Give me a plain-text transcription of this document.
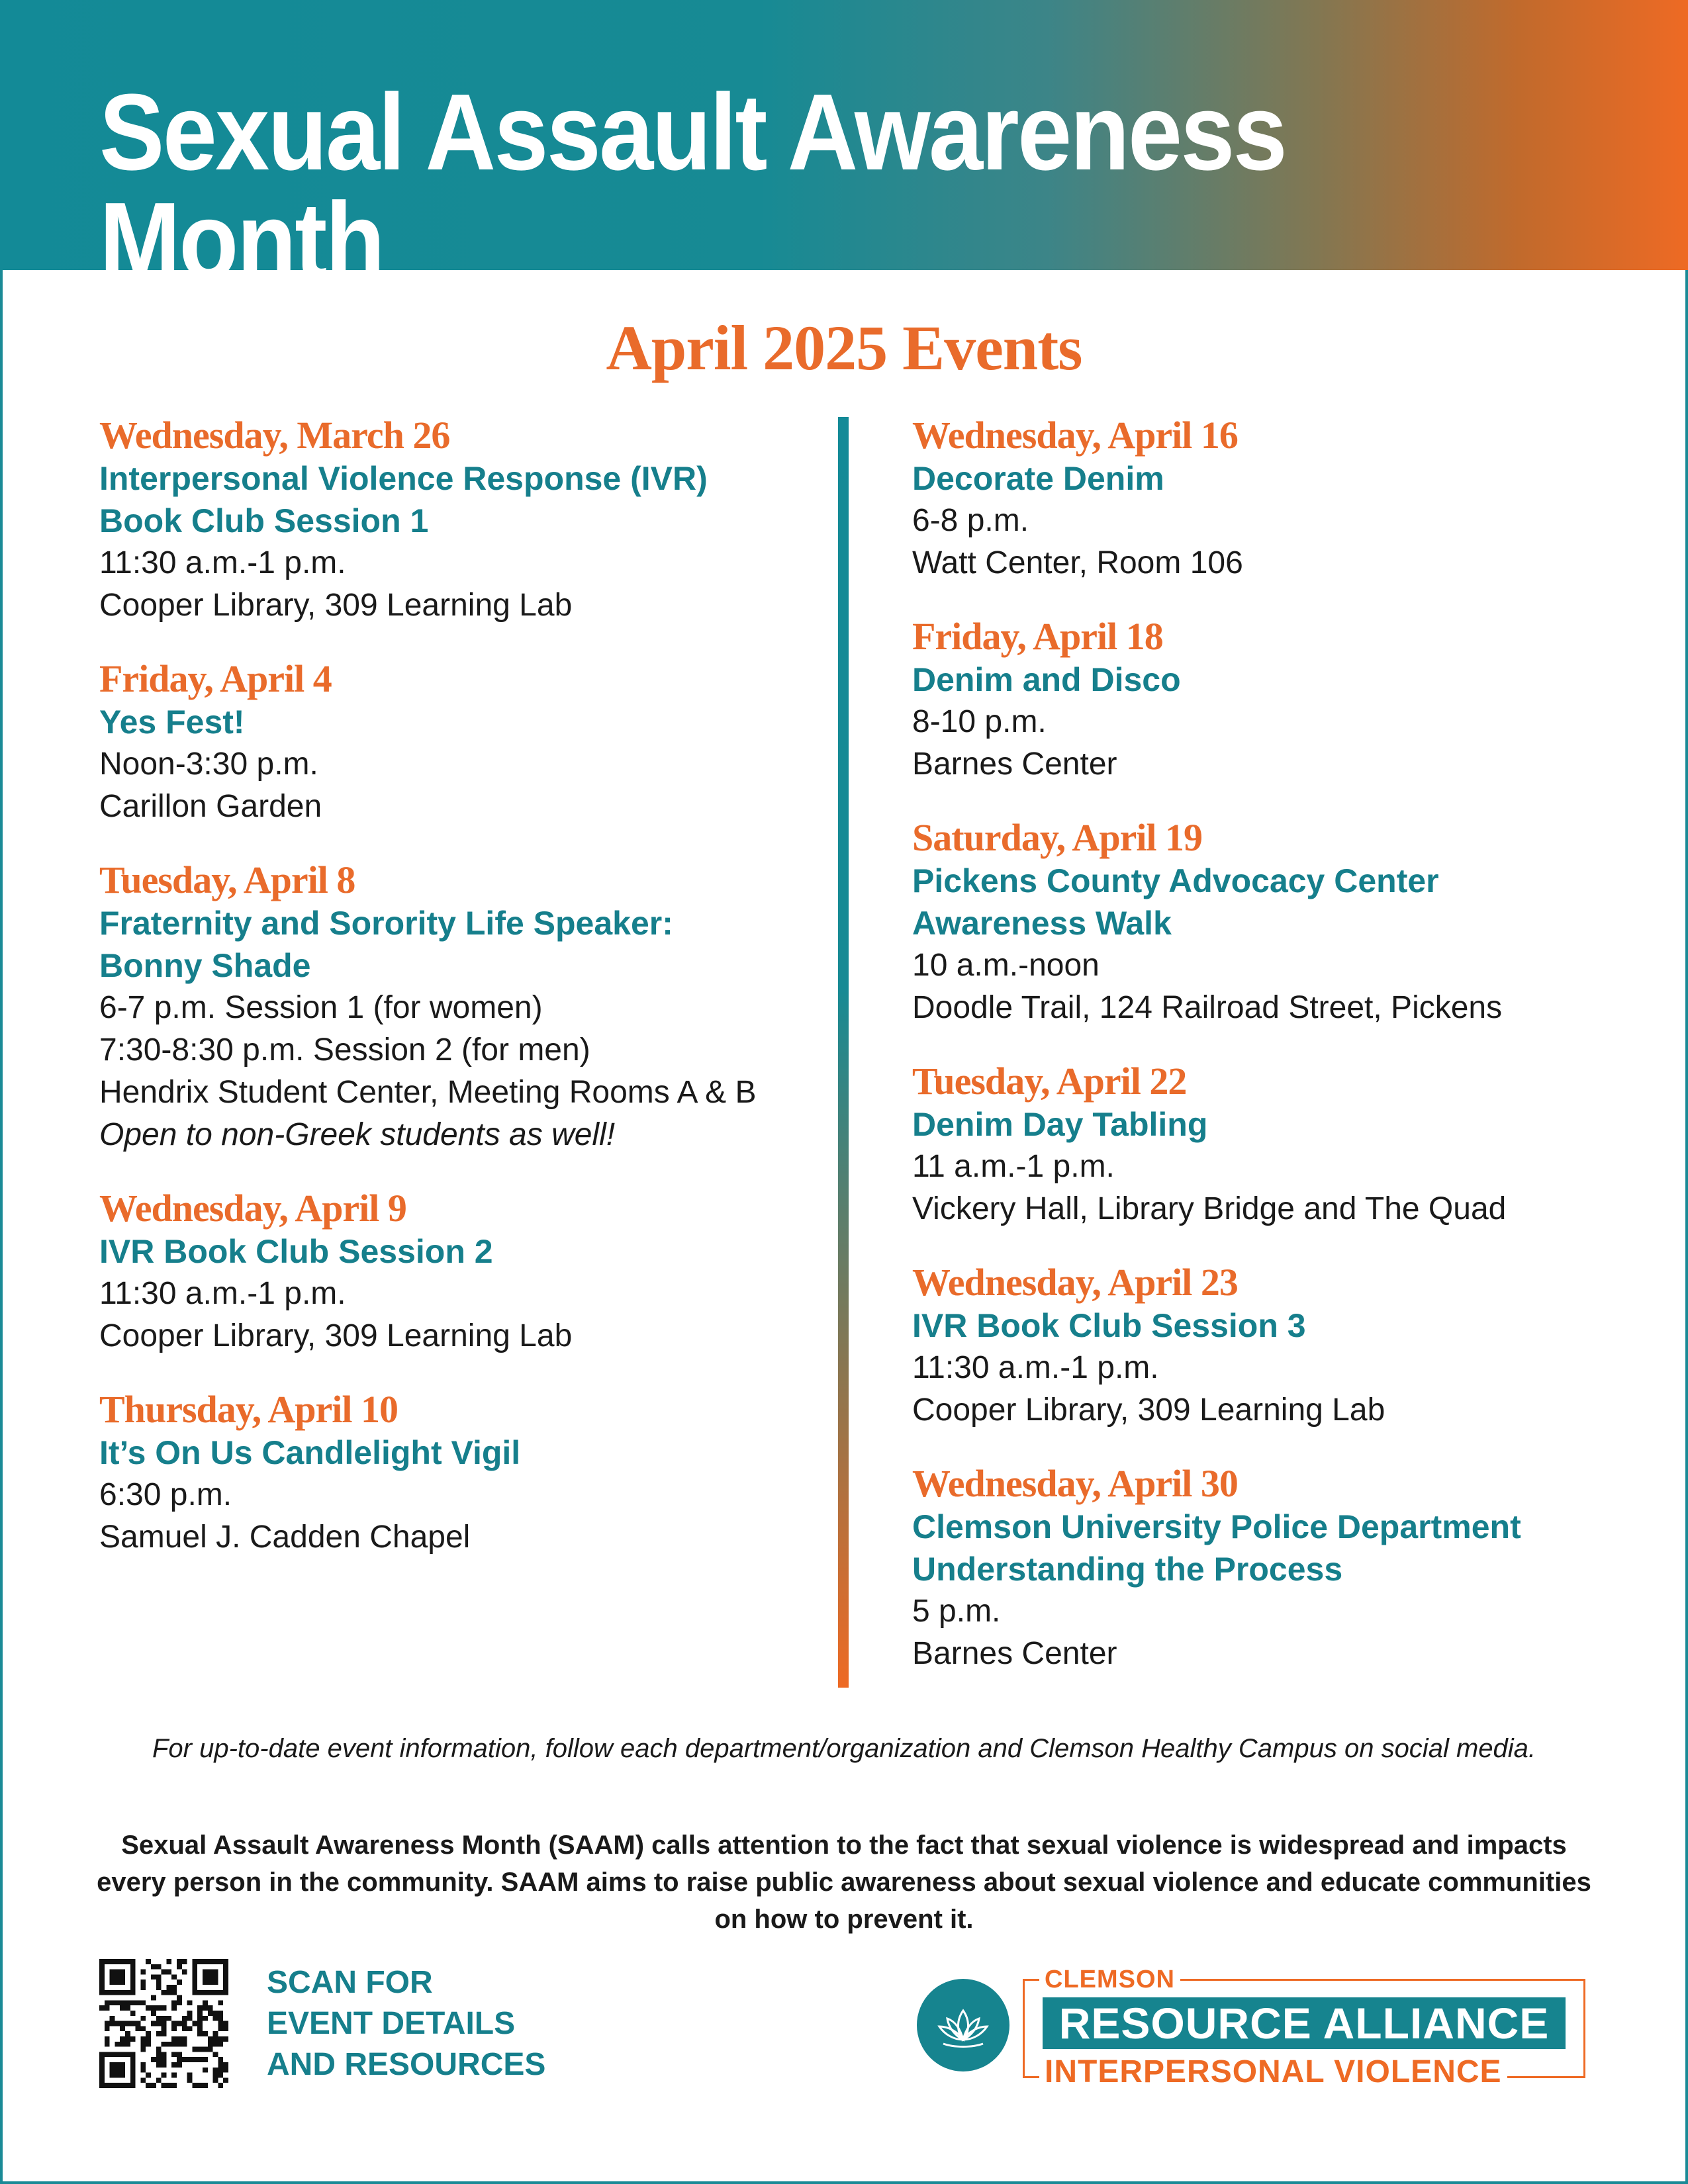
Sexual Assault Awareness Month
April 2025 Events
Wednesday, March 26
Interpersonal Violence Response (IVR)
Book Club Session 1
11:30 a.m.-1 p.m.
Cooper Library, 309 Learning Lab
Friday, April 4
Yes Fest!
Noon-3:30 p.m.
Carillon Garden
Tuesday, April 8
Fraternity and Sorority Life Speaker:
Bonny Shade
6-7 p.m. Session 1 (for women)
7:30-8:30 p.m. Session 2 (for men)
Hendrix Student Center, Meeting Rooms A & B
Open to non-Greek students as well!
Wednesday, April 9
IVR Book Club Session 2
11:30 a.m.-1 p.m.
Cooper Library, 309 Learning Lab
Thursday, April 10
It’s On Us Candlelight Vigil
6:30 p.m.
Samuel J. Cadden Chapel
Wednesday, April 16
Decorate Denim
6-8 p.m.
Watt Center, Room 106
Friday, April 18
Denim and Disco
8-10 p.m.
Barnes Center
Saturday, April 19
Pickens County Advocacy Center
Awareness Walk
10 a.m.-noon
Doodle Trail, 124 Railroad Street, Pickens
Tuesday, April 22
Denim Day Tabling
11 a.m.-1 p.m.
Vickery Hall, Library Bridge and The Quad
Wednesday, April 23
IVR Book Club Session 3
11:30 a.m.-1 p.m.
Cooper Library, 309 Learning Lab
Wednesday, April 30
Clemson University Police Department
Understanding the Process
5 p.m.
Barnes Center
For up-to-date event information, follow each department/organization and Clemson Healthy Campus on social media.
Sexual Assault Awareness Month (SAAM) calls attention to the fact that sexual violence is widespread and impacts every person in the community. SAAM aims to raise public awareness about sexual violence and educate communities on how to prevent it.
SCAN FOR
EVENT DETAILS
AND RESOURCES
CLEMSON
RESOURCE ALLIANCE
INTERPERSONAL VIOLENCE
